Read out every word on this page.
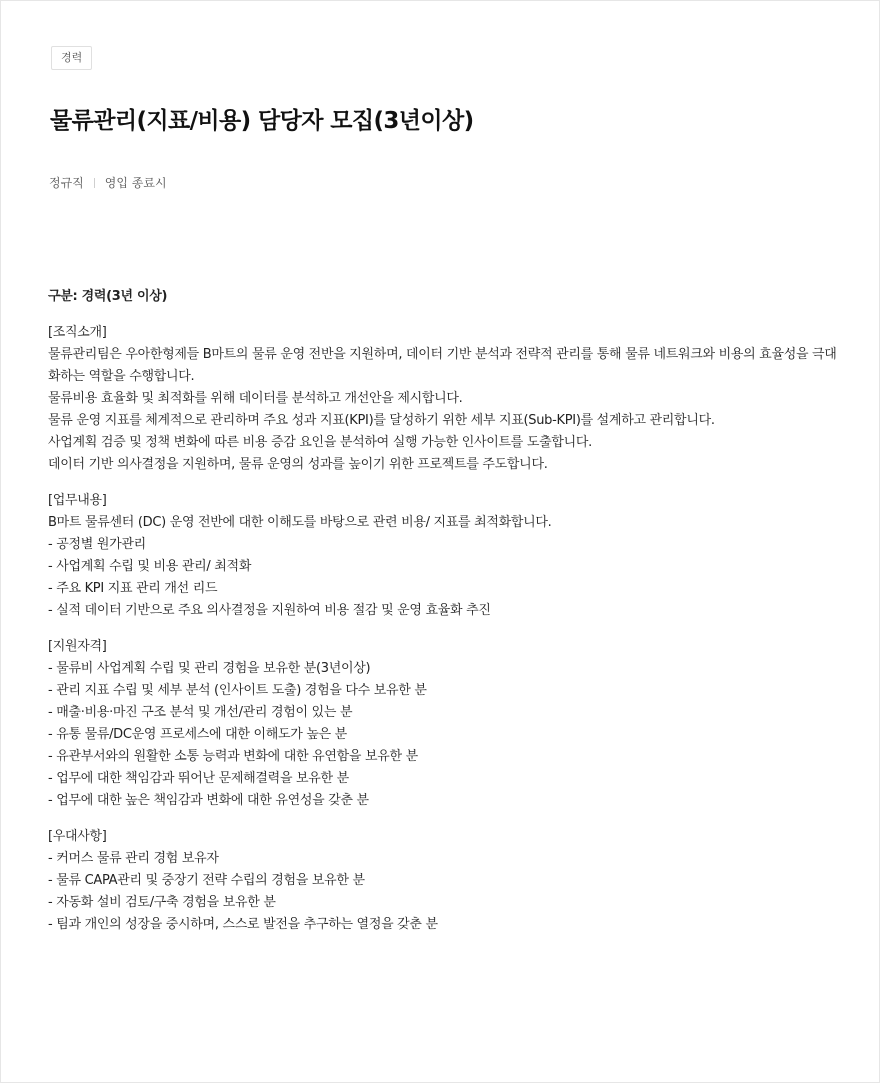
경력
물류관리(지표/비용) 담당자 모집(3년이상)
정규직 영입 종료시

구분: 경력(3년 이상)

[조직소개]

물류관리팀은 우아한형제들 B마트의 물류 운영 전반을 지원하며, 데이터 기반 분석과 전략적 관리를 통해 물류 네트워크와 비용의 효율성을 극대화하는 역할을 수행합니다.

물류비용 효율화 및 최적화를 위해 데이터를 분석하고 개선안을 제시합니다.

물류 운영 지표를 체계적으로 관리하며 주요 성과 지표(KPI)를 달성하기 위한 세부 지표(Sub-KPI)를 설계하고 관리합니다.

사업계획 검증 및 정책 변화에 따른 비용 증감 요인을 분석하여 실행 가능한 인사이트를 도출합니다.

데이터 기반 의사결정을 지원하며, 물류 운영의 성과를 높이기 위한 프로젝트를 주도합니다.

[업무내용]

B마트 물류센터 (DC) 운영 전반에 대한 이해도를 바탕으로 관련 비용/ 지표를 최적화합니다.

- 공정별 원가관리

- 사업계획 수립 및 비용 관리/ 최적화

- 주요 KPI 지표 관리 개선 리드

- 실적 데이터 기반으로 주요 의사결정을 지원하여 비용 절감 및 운영 효율화 추진

[지원자격]

- 물류비 사업계획 수립 및 관리 경험을 보유한 분(3년이상)

- 관리 지표 수립 및 세부 분석 (인사이트 도출) 경험을 다수 보유한 분

- 매출·비용·마진 구조 분석 및 개선/관리 경험이 있는 분

- 유통 물류/DC운영 프로세스에 대한 이해도가 높은 분

- 유관부서와의 원활한 소통 능력과 변화에 대한 유연함을 보유한 분

- 업무에 대한 책임감과 뛰어난 문제해결력을 보유한 분

- 업무에 대한 높은 책임감과 변화에 대한 유연성을 갖춘 분

[우대사항]

- 커머스 물류 관리 경험 보유자

- 물류 CAPA관리 및 중장기 전략 수립의 경험을 보유한 분

- 자동화 설비 검토/구축 경험을 보유한 분

- 팀과 개인의 성장을 중시하며, 스스로 발전을 추구하는 열정을 갖춘 분
